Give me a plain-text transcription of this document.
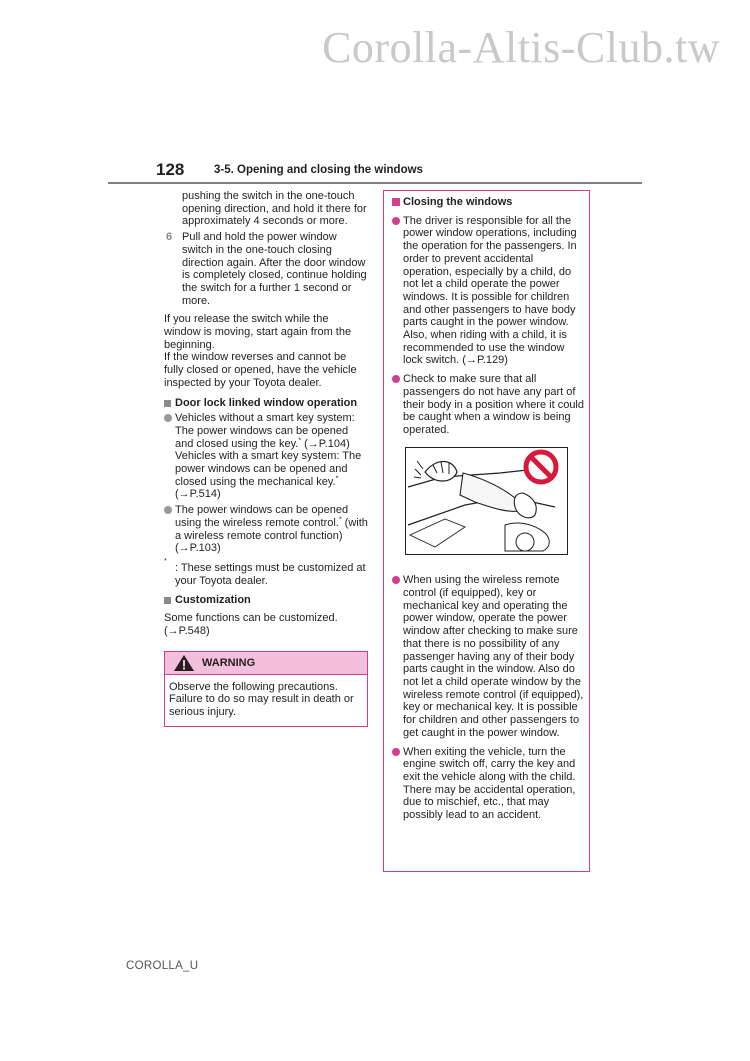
Corolla-Altis-Club.tw
128	3-5. Opening and closing the windows

pushing the switch in the one-touch opening direction, and hold it there for approximately 4 seconds or more.

6 Pull and hold the power window switch in the one-touch closing direction again. After the door window is completely closed, continue holding the switch for a further 1 second or more.

If you release the switch while the window is moving, start again from the beginning.

If the window reverses and cannot be fully closed or opened, have the vehicle inspected by your Toyota dealer.

Door lock linked window operation
Vehicles without a smart key system: The power windows can be opened and closed using the key.* (→P.104)
Vehicles with a smart key system: The power windows can be opened and closed using the mechanical key.* (→P.514)
The power windows can be opened using the wireless remote control.* (with a wireless remote control function) (→P.103)
*
: These settings must be customized at your Toyota dealer.
Customization

Some functions can be customized. (→P.548)

WARNING
Observe the following precautions. Failure to do so may result in death or serious injury.
Closing the windows
The driver is responsible for all the power window operations, including the operation for the passengers. In order to prevent accidental operation, especially by a child, do not let a child operate the power windows. It is possible for children and other passengers to have body parts caught in the power window. Also, when riding with a child, it is recommended to use the window lock switch. (→P.129)
Check to make sure that all passengers do not have any part of their body in a position where it could be caught when a window is being operated.
When using the wireless remote control (if equipped), key or mechanical key and operating the power window, operate the power window after checking to make sure that there is no possibility of any passenger having any of their body parts caught in the window. Also do not let a child operate window by the wireless remote control (if equipped), key or mechanical key. It is possible for children and other passengers to get caught in the power window.
When exiting the vehicle, turn the engine switch off, carry the key and exit the vehicle along with the child. There may be accidental operation, due to mischief, etc., that may possibly lead to an accident.
COROLLA_U
